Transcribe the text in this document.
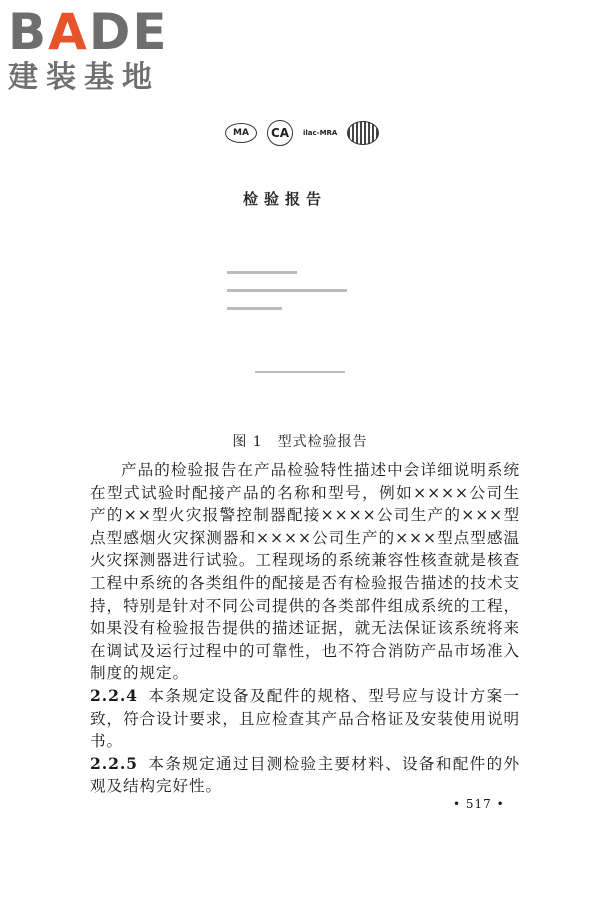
BADE
建装基地
MA	CA	ilac-MRA
检验报告
图 1　型式检验报告

产品的检验报告在产品检验特性描述中会详细说明系统在型式试验时配接产品的名称和型号，例如××××公司生产的××型火灾报警控制器配接××××公司生产的×××型点型感烟火灾探测器和××××公司生产的×××型点型感温火灾探测器进行试验。工程现场的系统兼容性核查就是核查工程中系统的各类组件的配接是否有检验报告描述的技术支持，特别是针对不同公司提供的各类部件组成系统的工程，如果没有检验报告提供的描述证据，就无法保证该系统将来在调试及运行过程中的可靠性，也不符合消防产品市场准入制度的规定。

2.2.4 本条规定设备及配件的规格、型号应与设计方案一致，符合设计要求，且应检查其产品合格证及安装使用说明书。

2.2.5 本条规定通过目测检验主要材料、设备和配件的外观及结构完好性。

• 517 •
